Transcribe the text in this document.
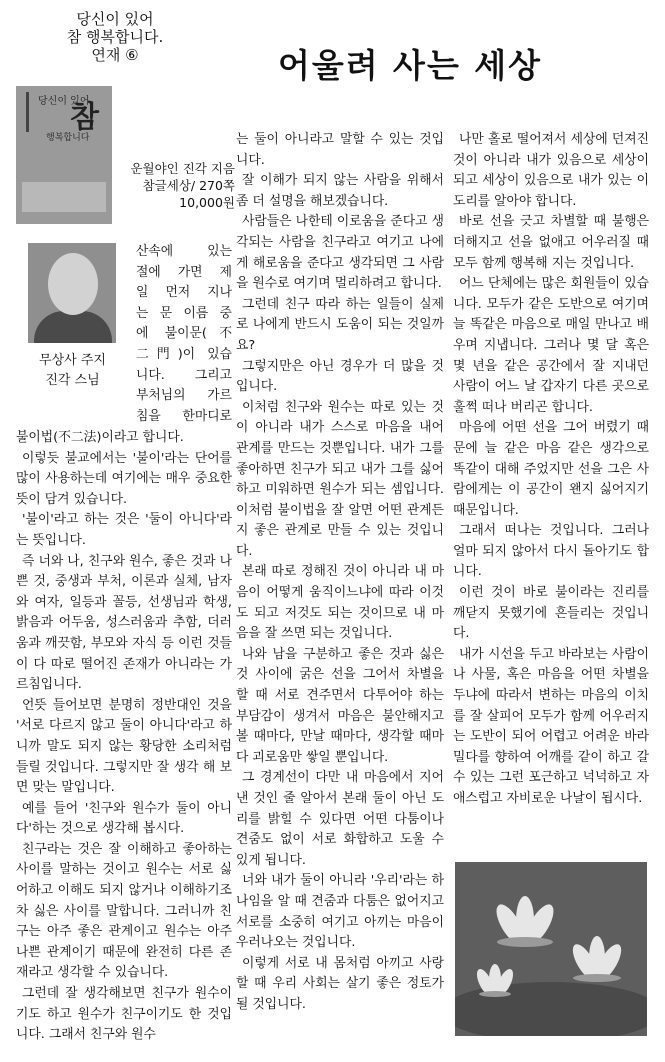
당신이 있어
참 행복합니다.
연재 ⑥	어울려 사는 세상
당신이 있어
참
행복합니다
운월야인 진각 지음
참글세상/ 270쪽
10,000원
무상사 주지
진각 스님
산속에 있는
절에 가면 제
일 먼저 지나
는 문 이름 중
에 불이문(不
二門)이 있습
니다. 그리고
부처님의 가르
침을 한마디로

불이법(不二法)이라고 합니다.

이렇듯 불교에서는 '불이'라는 단어를 많이 사용하는데 여기에는 매우 중요한 뜻이 담겨 있습니다.

'불이'라고 하는 것은 '둘이 아니다'라는 뜻입니다.

즉 너와 나, 친구와 원수, 좋은 것과 나쁜 것, 중생과 부처, 이론과 실체, 남자와 여자, 일등과 꼴등, 선생님과 학생, 밝음과 어두움, 성스러움과 추함, 더러움과 깨끗함, 부모와 자식 등 이런 것들이 다 따로 떨어진 존재가 아니라는 가르침입니다.

언뜻 들어보면 분명히 정반대인 것을 '서로 다르지 않고 둘이 아니다'라고 하니까 말도 되지 않는 황당한 소리처럼 들릴 것입니다. 그렇지만 잘 생각 해 보면 맞는 말입니다.

예를 들어 '친구와 원수가 둘이 아니다'하는 것으로 생각해 봅시다.

친구라는 것은 잘 이해하고 좋아하는 사이를 말하는 것이고 원수는 서로 싫어하고 이해도 되지 않거나 이해하기조차 싫은 사이를 말합니다. 그러니까 친구는 아주 좋은 관계이고 원수는 아주 나쁜 관계이기 때문에 완전히 다른 존재라고 생각할 수 있습니다.

그런데 잘 생각해보면 친구가 원수이기도 하고 원수가 친구이기도 한 것입니다. 그래서 친구와 원수

는 둘이 아니라고 말할 수 있는 것입니다.

잘 이해가 되지 않는 사람을 위해서 좀 더 설명을 해보겠습니다.

사람들은 나한테 이로움을 준다고 생각되는 사람을 친구라고 여기고 나에게 해로움을 준다고 생각되면 그 사람을 원수로 여기며 멀리하려고 합니다.

그런데 친구 따라 하는 일들이 실제로 나에게 반드시 도움이 되는 것일까요?

그렇지만은 아닌 경우가 더 많을 것입니다.

이처럼 친구와 원수는 따로 있는 것이 아니라 내가 스스로 마음을 내어 관계를 만드는 것뿐입니다. 내가 그를 좋아하면 친구가 되고 내가 그를 싫어하고 미워하면 원수가 되는 셈입니다. 이처럼 불이법을 잘 알면 어떤 관계든지 좋은 관계로 만들 수 있는 것입니다.

본래 따로 정해진 것이 아니라 내 마음이 어떻게 움직이느냐에 따라 이것도 되고 저것도 되는 것이므로 내 마음을 잘 쓰면 되는 것입니다.

나와 남을 구분하고 좋은 것과 싫은 것 사이에 굵은 선을 그어서 차별을 할 때 서로 견주면서 다투어야 하는 부담감이 생겨서 마음은 불안해지고 볼 때마다, 만날 때마다, 생각할 때마다 괴로움만 쌓일 뿐입니다.

그 경계선이 다만 내 마음에서 지어낸 것인 줄 알아서 본래 둘이 아닌 도리를 밝힐 수 있다면 어떤 다툼이나 견줌도 없이 서로 화합하고 도울 수 있게 됩니다.

너와 내가 둘이 아니라 '우리'라는 하나임을 알 때 견줌과 다툼은 없어지고 서로를 소중히 여기고 아끼는 마음이 우러나오는 것입니다.

이렇게 서로 내 몸처럼 아끼고 사랑할 때 우리 사회는 살기 좋은 정토가 될 것입니다.

나만 홀로 떨어져서 세상에 던져진 것이 아니라 내가 있음으로 세상이 되고 세상이 있음으로 내가 있는 이 도리를 알아야 합니다.

바로 선을 긋고 차별할 때 불행은 더해지고 선을 없애고 어우러질 때 모두 함께 행복해 지는 것입니다.

어느 단체에는 많은 회원들이 있습니다. 모두가 같은 도반으로 여기며 늘 똑같은 마음으로 매일 만나고 배우며 지냅니다. 그러나 몇 달 혹은 몇 년을 같은 공간에서 잘 지내던 사람이 어느 날 갑자기 다른 곳으로 훌쩍 떠나 버리곤 합니다.

마음에 어떤 선을 그어 버렸기 때문에 늘 같은 마음 같은 생각으로 똑같이 대해 주었지만 선을 그은 사람에게는 이 공간이 왠지 싫어지기 때문입니다.

그래서 떠나는 것입니다. 그러나 얼마 되지 않아서 다시 돌아기도 합니다.

이런 것이 바로 불이라는 진리를 깨닫지 못했기에 흔들리는 것입니다.

내가 시선을 두고 바라보는 사람이나 사물, 혹은 마음을 어떤 차별을 두냐에 따라서 변하는 마음의 이치를 잘 살피어 모두가 함께 어우러지는 도반이 되어 어렵고 어려운 바라밀다를 향하여 어깨를 같이 하고 갈 수 있는 그런 포근하고 넉넉하고 자애스럽고 자비로운 나날이 됩시다.
